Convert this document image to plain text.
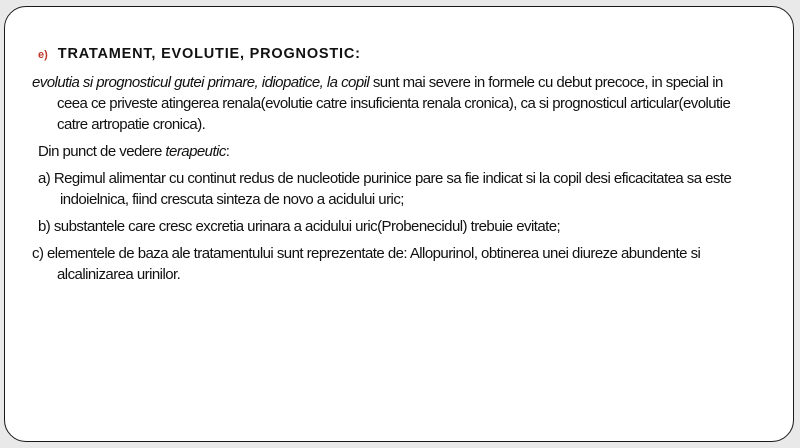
e) TRATAMENT, EVOLUTIE, PROGNOSTIC:

evolutia si prognosticul gutei primare, idiopatice, la copil sunt mai severe in formele cu debut precoce, in special in ceea ce priveste atingerea renala(evolutie catre insuficienta renala cronica), ca si prognosticul articular(evolutie catre artropatie cronica).

Din punct de vedere terapeutic:

a) Regimul alimentar cu continut redus de nucleotide purinice pare sa fie indicat si la copil desi eficacitatea sa este indoielnica, fiind crescuta sinteza de novo a acidului uric;

b) substantele care cresc excretia urinara a acidului uric(Probenecidul) trebuie evitate;

c) elementele de baza ale tratamentului sunt reprezentate de: Allopurinol, obtinerea unei diureze abundente si alcalinizarea urinilor.
